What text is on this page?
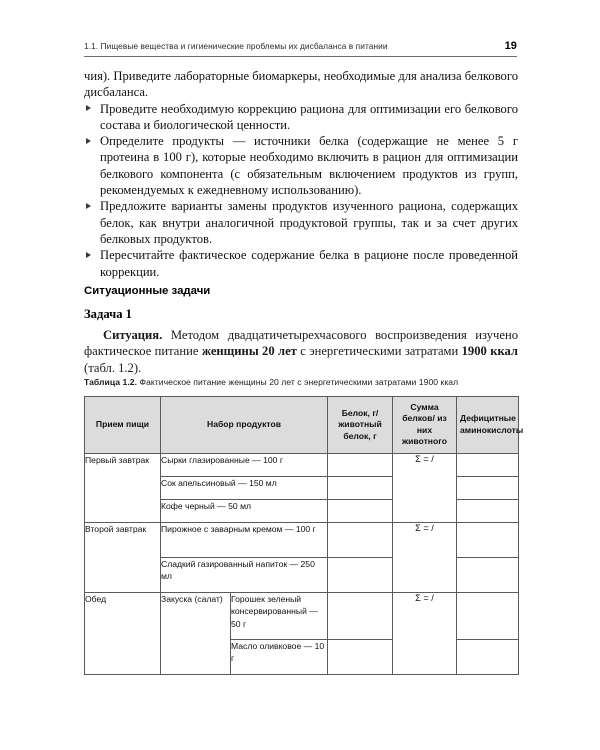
1.1. Пищевые вещества и гигиенические проблемы их дисбаланса в питании	19

чия). Приведите лабораторные биомаркеры, необходимые для анализа белкового дисбаланса.

Проведите необходимую коррекцию рациона для оптимизации его белкового состава и биологической ценности.
Определите продукты — источники белка (содержащие не менее 5 г протеина в 100 г), которые необходимо включить в рацион для оптимизации белкового компонента (с обязательным включением продуктов из групп, рекомендуемых к ежедневному использованию).
Предложите варианты замены продуктов изученного рациона, содержащих белок, как внутри аналогичной продуктовой группы, так и за счет других белковых продуктов.
Пересчитайте фактическое содержание белка в рационе после проведенной коррекции.
Ситуационные задачи
Задача 1
Ситуация. Методом двадцатичетырехчасового воспроизведения изучено фактическое питание женщины 20 лет с энергетическими затратами 1900 ккал (табл. 1.2).
Таблица 1.2. Фактическое питание женщины 20 лет с энергетическими затратами 1900 ккал
Прием пищи	Набор продуктов		Белок, г/животный белок, г	Сумма белков/ из них животного	Дефицитные аминокислоты
Первый завтрак	Сырки глазированные — 100 г			Σ = /	
	Сок апельсиновый — 150 мл				
	Кофе черный — 50 мл				
Второй завтрак	Пирожное с заварным кремом — 100 г			Σ = /	
	Сладкий газированный напиток — 250 мл				
Обед	Закуска (салат)	Горошек зеленый консервированный — 50 г		Σ = /	
		Масло оливковое — 10 г			
